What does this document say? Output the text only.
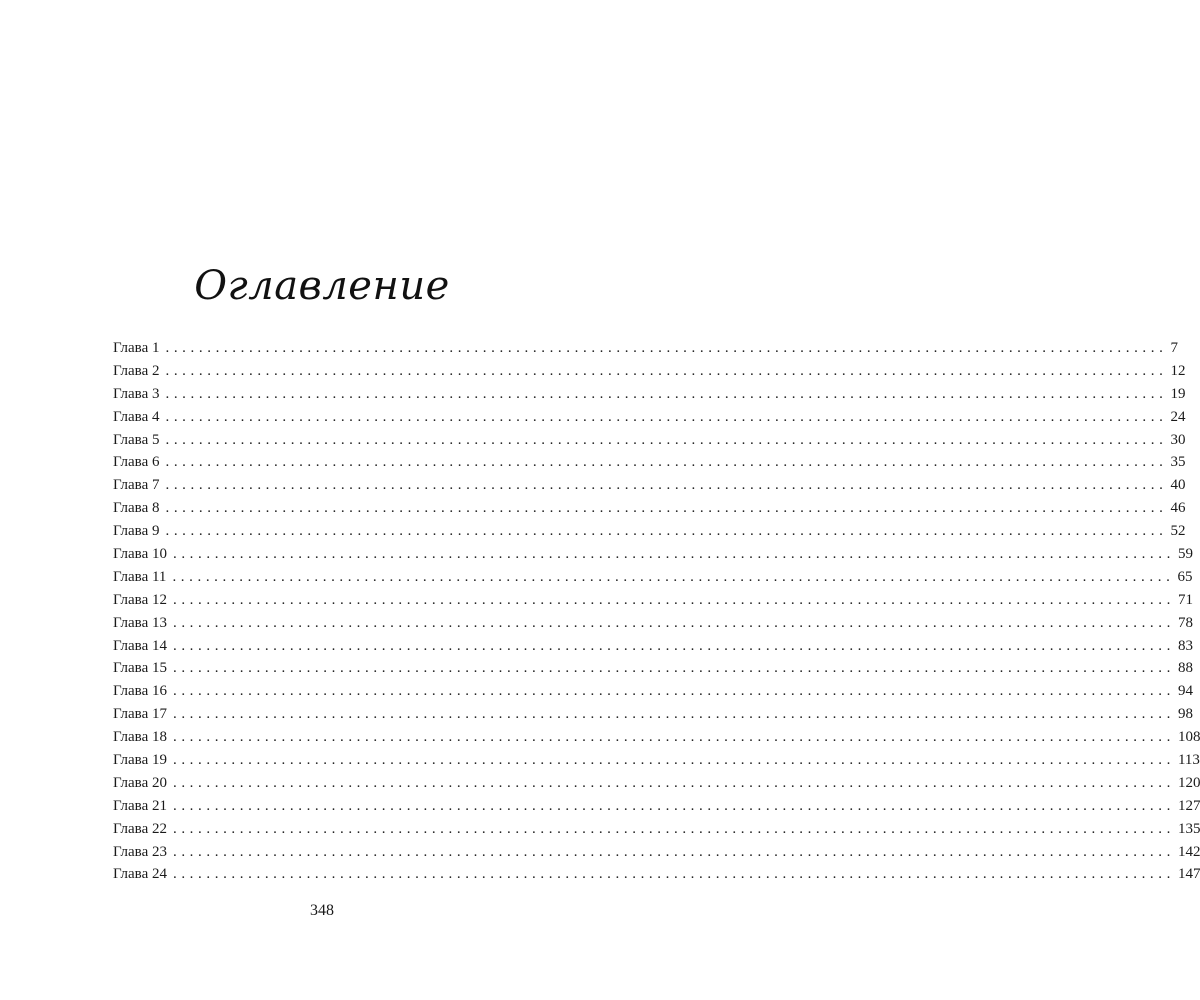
Оглавление
Глава 1 ........................................................................................................................ 7
Глава 2 ........................................................................................................................ 12
Глава 3 ........................................................................................................................ 19
Глава 4 ........................................................................................................................ 24
Глава 5 ........................................................................................................................ 30
Глава 6 ........................................................................................................................ 35
Глава 7 ........................................................................................................................ 40
Глава 8 ........................................................................................................................ 46
Глава 9 ........................................................................................................................ 52
Глава 10 ........................................................................................................................ 59
Глава 11 ........................................................................................................................ 65
Глава 12 ........................................................................................................................ 71
Глава 13 ........................................................................................................................ 78
Глава 14 ........................................................................................................................ 83
Глава 15 ........................................................................................................................ 88
Глава 16 ........................................................................................................................ 94
Глава 17 ........................................................................................................................ 98
Глава 18 ........................................................................................................................ 108
Глава 19 ........................................................................................................................ 113
Глава 20 ........................................................................................................................ 120
Глава 21 ........................................................................................................................ 127
Глава 22 ........................................................................................................................ 135
Глава 23 ........................................................................................................................ 142
Глава 24 ........................................................................................................................ 147
348
